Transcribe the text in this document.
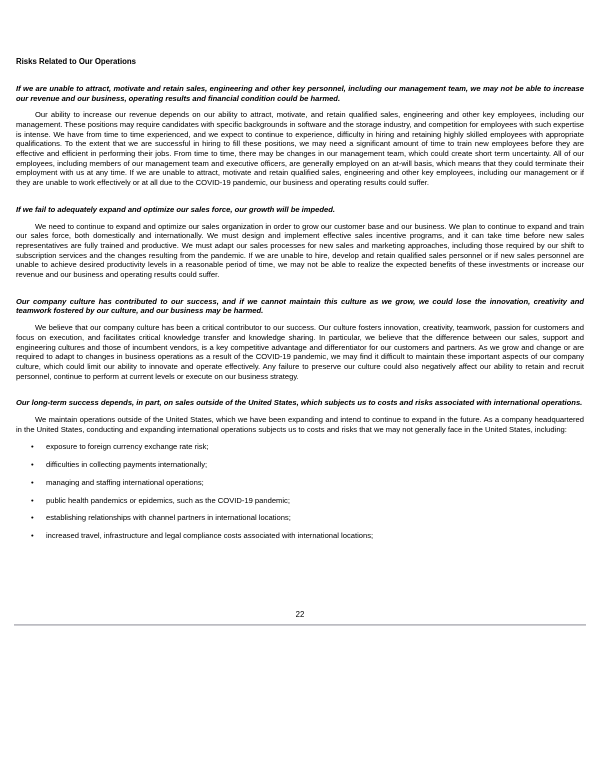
Risks Related to Our Operations
If we are unable to attract, motivate and retain sales, engineering and other key personnel, including our management team, we may not be able to increase our revenue and our business, operating results and financial condition could be harmed.

Our ability to increase our revenue depends on our ability to attract, motivate, and retain qualified sales, engineering and other key employees, including our management. These positions may require candidates with specific backgrounds in software and the storage industry, and competition for employees with such expertise is intense. We have from time to time experienced, and we expect to continue to experience, difficulty in hiring and retaining highly skilled employees with appropriate qualifications. To the extent that we are successful in hiring to fill these positions, we may need a significant amount of time to train new employees before they are effective and efficient in performing their jobs. From time to time, there may be changes in our management team, which could create short term uncertainty. All of our employees, including members of our management team and executive officers, are generally employed on an at-will basis, which means that they could terminate their employment with us at any time. If we are unable to attract, motivate and retain qualified sales, engineering and other key employees, including our management or if they are unable to work effectively or at all due to the COVID-19 pandemic, our business and operating results could suffer.

If we fail to adequately expand and optimize our sales force, our growth will be impeded.

We need to continue to expand and optimize our sales organization in order to grow our customer base and our business. We plan to continue to expand and train our sales force, both domestically and internationally. We must design and implement effective sales incentive programs, and it can take time before new sales representatives are fully trained and productive. We must adapt our sales processes for new sales and marketing approaches, including those required by our shift to subscription services and the changes resulting from the pandemic. If we are unable to hire, develop and retain qualified sales personnel or if new sales personnel are unable to achieve desired productivity levels in a reasonable period of time, we may not be able to realize the expected benefits of these investments or increase our revenue and our business and operating results could suffer.

Our company culture has contributed to our success, and if we cannot maintain this culture as we grow, we could lose the innovation, creativity and teamwork fostered by our culture, and our business may be harmed.

We believe that our company culture has been a critical contributor to our success. Our culture fosters innovation, creativity, teamwork, passion for customers and focus on execution, and facilitates critical knowledge transfer and knowledge sharing. In particular, we believe that the difference between our sales, support and engineering cultures and those of incumbent vendors, is a key competitive advantage and differentiator for our customers and partners. As we grow and change or are required to adapt to changes in business operations as a result of the COVID-19 pandemic, we may find it difficult to maintain these important aspects of our company culture, which could limit our ability to innovate and operate effectively. Any failure to preserve our culture could also negatively affect our ability to retain and recruit personnel, continue to perform at current levels or execute on our business strategy.

Our long-term success depends, in part, on sales outside of the United States, which subjects us to costs and risks associated with international operations.

We maintain operations outside of the United States, which we have been expanding and intend to continue to expand in the future. As a company headquartered in the United States, conducting and expanding international operations subjects us to costs and risks that we may not generally face in the United States, including:

•	exposure to foreign currency exchange rate risk;
•	difficulties in collecting payments internationally;
•	managing and staffing international operations;
•	public health pandemics or epidemics, such as the COVID-19 pandemic;
•	establishing relationships with channel partners in international locations;
•	increased travel, infrastructure and legal compliance costs associated with international locations;
22
